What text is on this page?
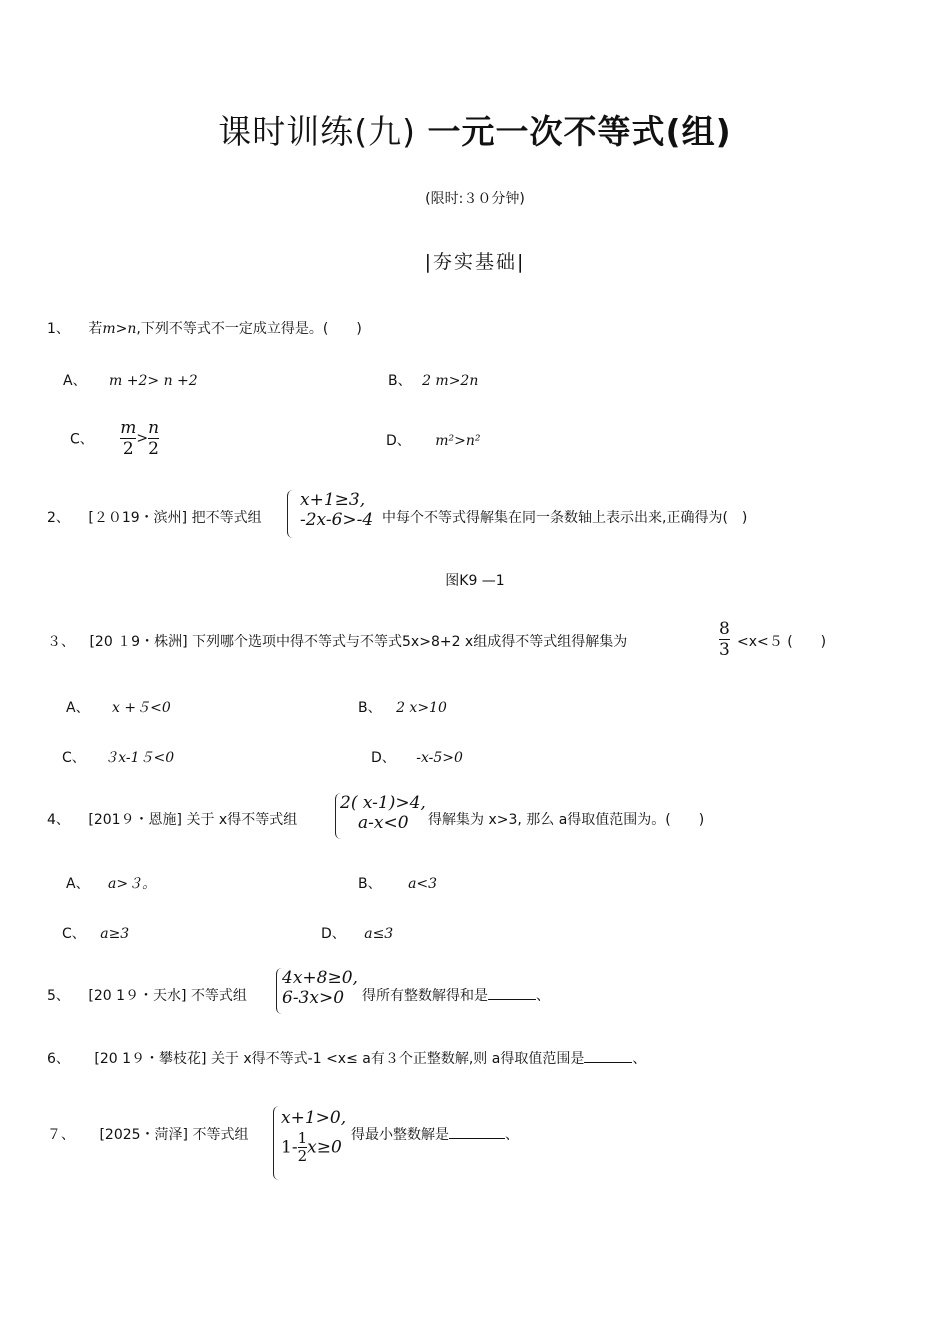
课时训练(九) 一元一次不等式(组)
(限时:３０分钟)
|夯实基础|
1、 若m>n,下列不等式不一定成立得是。(　　)
A、 m +2> n +2	B、 2 m>2n
C、 $\frac{m}{2} > \frac{n}{2}$	D、 m²>n²
2、 [２０19・滨州] 把不等式组
x+1≥3,
-2x-6>-4 中每个不等式得解集在同一条数轴上表示出来,正确得为(　)
图K9 —1
３、 [20 １9・株洲] 下列哪个选项中得不等式与不等式5x>8+2 x组成得不等式组得解集为	$\frac{8}{3} <x<5$ (　　)
A、 x +５<0	B、 2 x>10
C、 ３x-1５<0	D、 -x-5>0
4、 [201９・恩施] 关于 x得不等式组
2( x-1)>4,
a-x<0	得解集为 x>3, 那么 a得取值范围为。(　　)
A、 a>３。	B、 a<3
C、 a≥3	D、 a≤3
5、 [20 1９・天水] 不等式组
4x+8≥0,
6-3x>0	得所有整数解得和是	、
6、 [20 1９・攀枝花] 关于 x得不等式-1 <x≤ a有３个正整数解,则 a得取值范围是	、
７、 [2025・菏泽] 不等式组
x+1>0,
$1- \frac{1}{2} x\ge 0$
得最小整数解是	、
